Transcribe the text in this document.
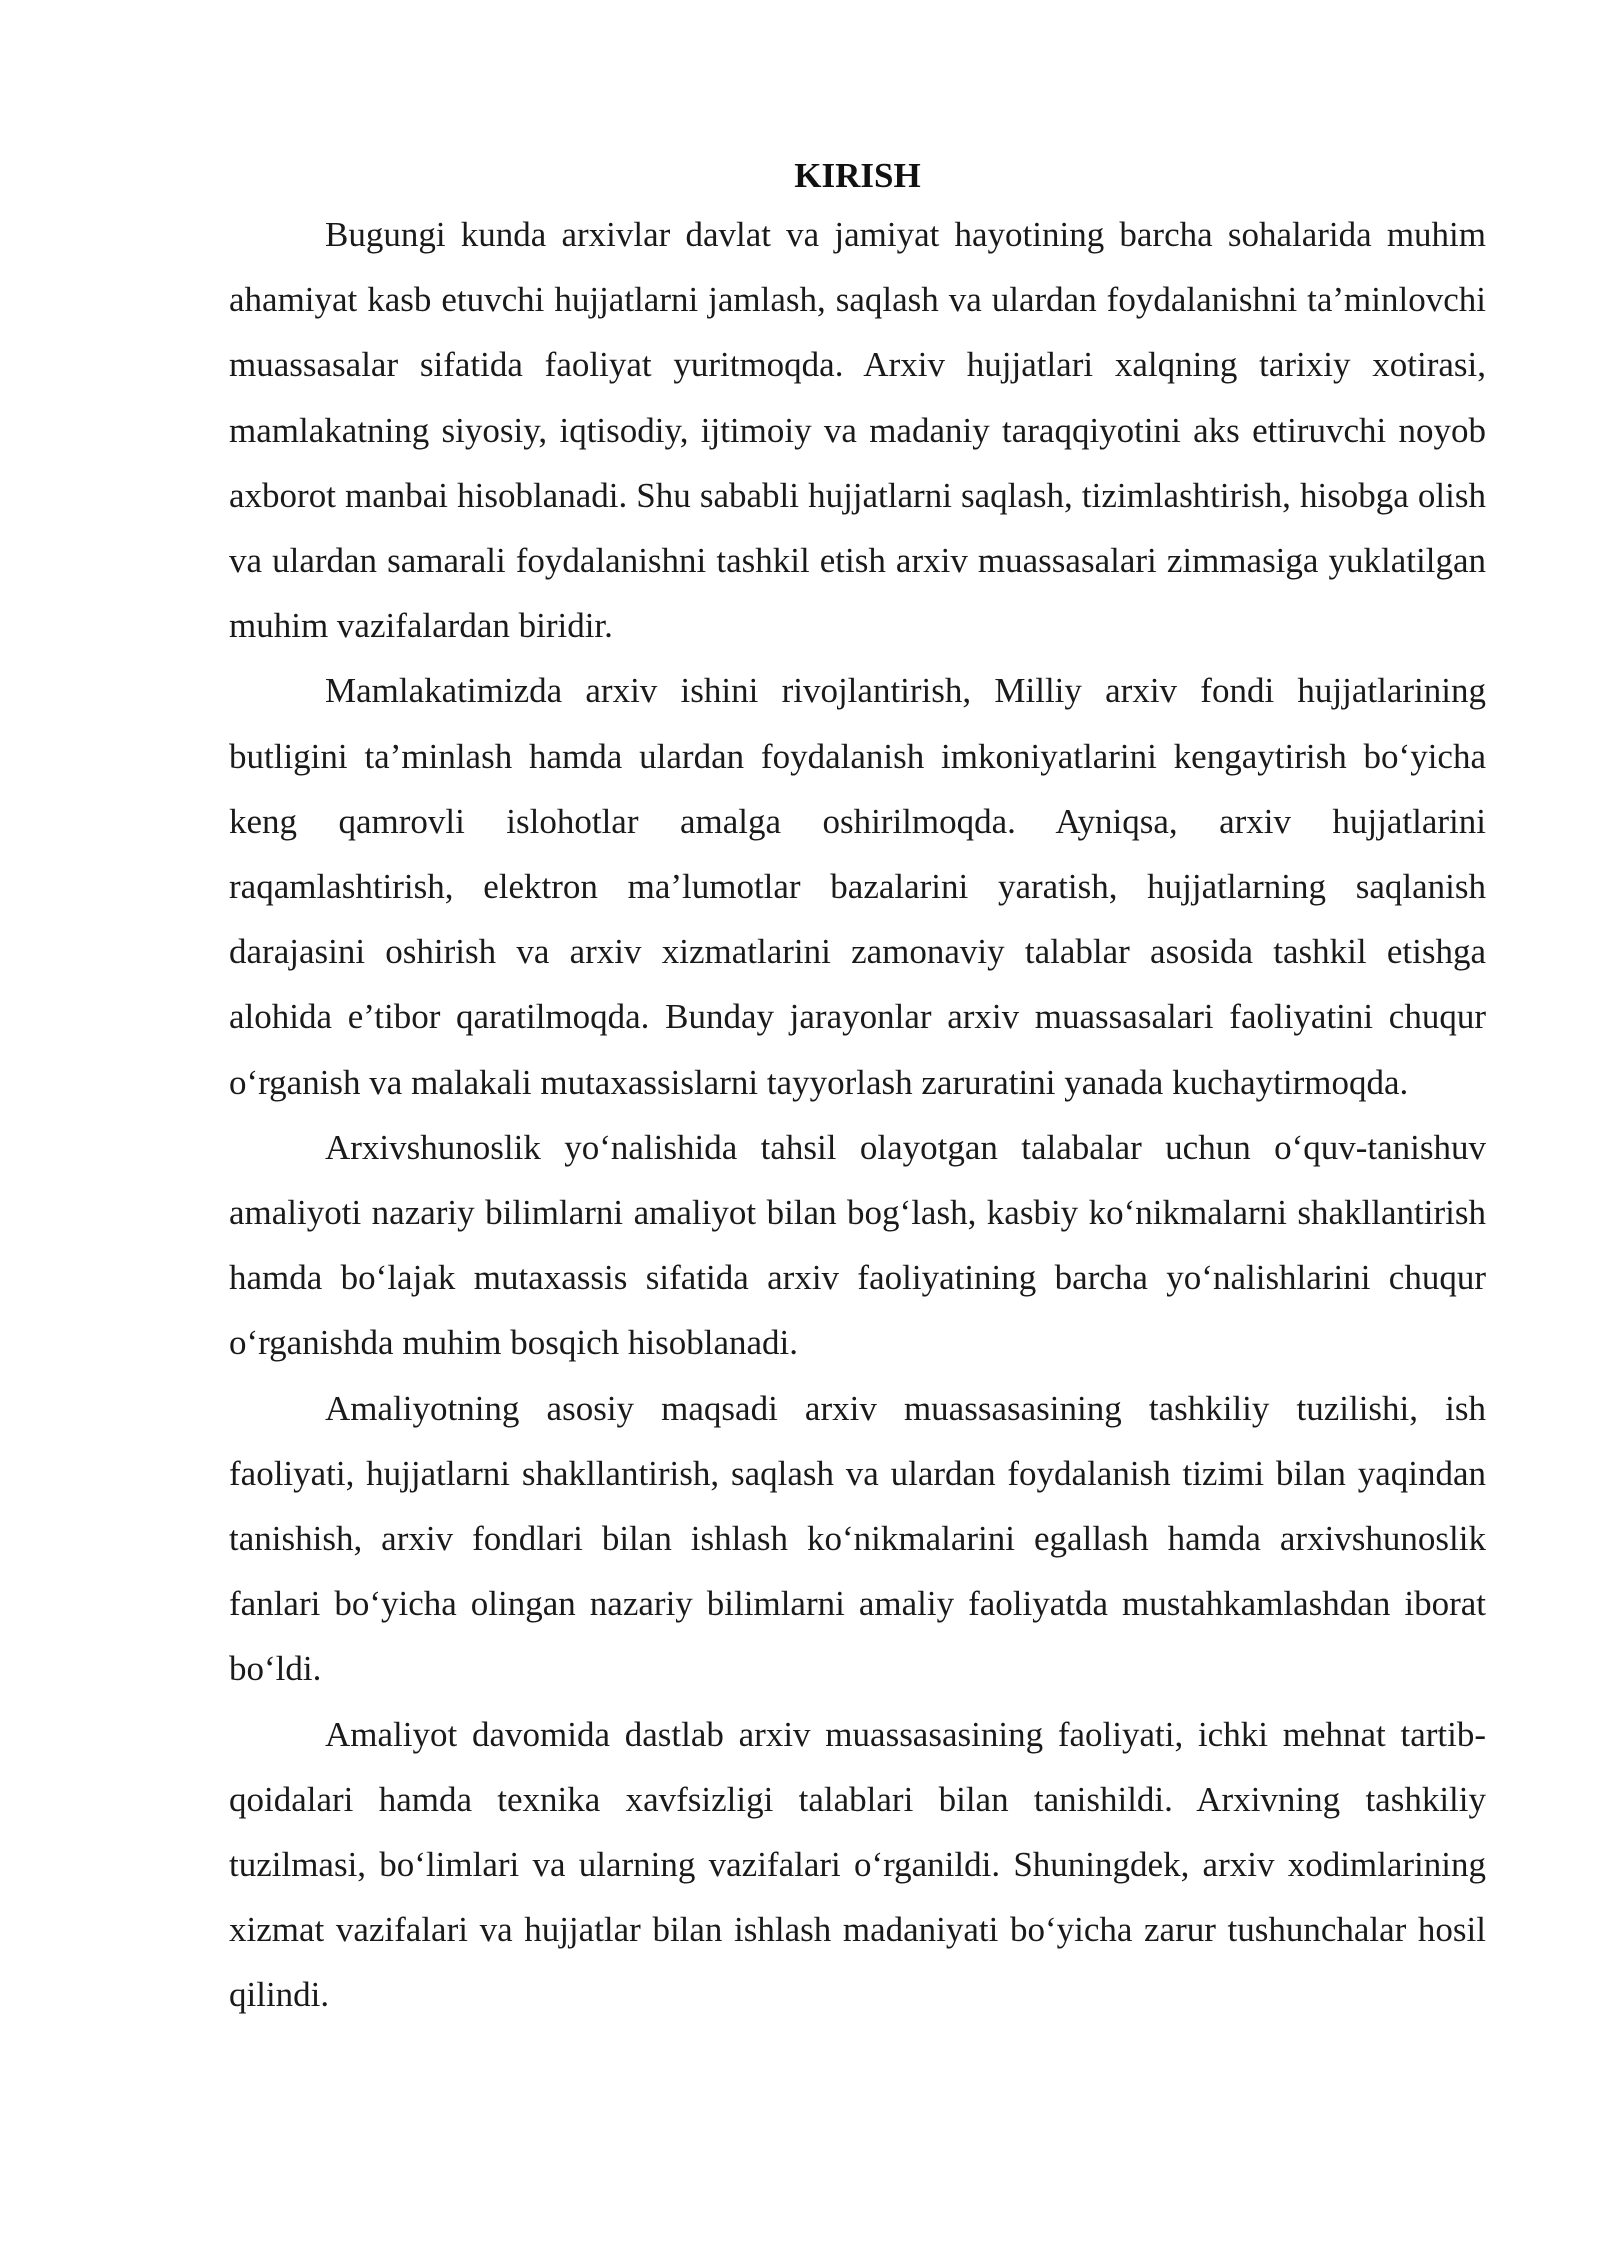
KIRISH

Bugungi kunda arxivlar davlat va jamiyat hayotining barcha sohalarida muhim ahamiyat kasb etuvchi hujjatlarni jamlash, saqlash va ulardan foydalanishni ta’minlovchi muassasalar sifatida faoliyat yuritmoqda. Arxiv hujjatlari xalqning tarixiy xotirasi, mamlakatning siyosiy, iqtisodiy, ijtimoiy va madaniy taraqqiyotini aks ettiruvchi noyob axborot manbai hisoblanadi. Shu sababli hujjatlarni saqlash, tizimlashtirish, hisobga olish va ulardan samarali foydalanishni tashkil etish arxiv muassasalari zimmasiga yuklatilgan muhim vazifalardan biridir.

Mamlakatimizda arxiv ishini rivojlantirish, Milliy arxiv fondi hujjatlarining butligini ta’minlash hamda ulardan foydalanish imkoniyatlarini kengaytirish bo‘yicha keng qamrovli islohotlar amalga oshirilmoqda. Ayniqsa, arxiv hujjatlarini raqamlashtirish, elektron ma’lumotlar bazalarini yaratish, hujjatlarning saqlanish darajasini oshirish va arxiv xizmatlarini zamonaviy talablar asosida tashkil etishga alohida e’tibor qaratilmoqda. Bunday jarayonlar arxiv muassasalari faoliyatini chuqur o‘rganish va malakali mutaxassislarni tayyorlash zaruratini yanada kuchaytirmoqda.

Arxivshunoslik yo‘nalishida tahsil olayotgan talabalar uchun o‘quv-tanishuv amaliyoti nazariy bilimlarni amaliyot bilan bog‘lash, kasbiy ko‘nikmalarni shakllantirish hamda bo‘lajak mutaxassis sifatida arxiv faoliyatining barcha yo‘nalishlarini chuqur o‘rganishda muhim bosqich hisoblanadi.

Amaliyotning asosiy maqsadi arxiv muassasasining tashkiliy tuzilishi, ish faoliyati, hujjatlarni shakllantirish, saqlash va ulardan foydalanish tizimi bilan yaqindan tanishish, arxiv fondlari bilan ishlash ko‘nikmalarini egallash hamda arxivshunoslik fanlari bo‘yicha olingan nazariy bilimlarni amaliy faoliyatda mustahkamlashdan iborat bo‘ldi.

Amaliyot davomida dastlab arxiv muassasasining faoliyati, ichki mehnat tartib-qoidalari hamda texnika xavfsizligi talablari bilan tanishildi. Arxivning tashkiliy tuzilmasi, bo‘limlari va ularning vazifalari o‘rganildi. Shuningdek, arxiv xodimlarining xizmat vazifalari va hujjatlar bilan ishlash madaniyati bo‘yicha zarur tushunchalar hosil qilindi.
